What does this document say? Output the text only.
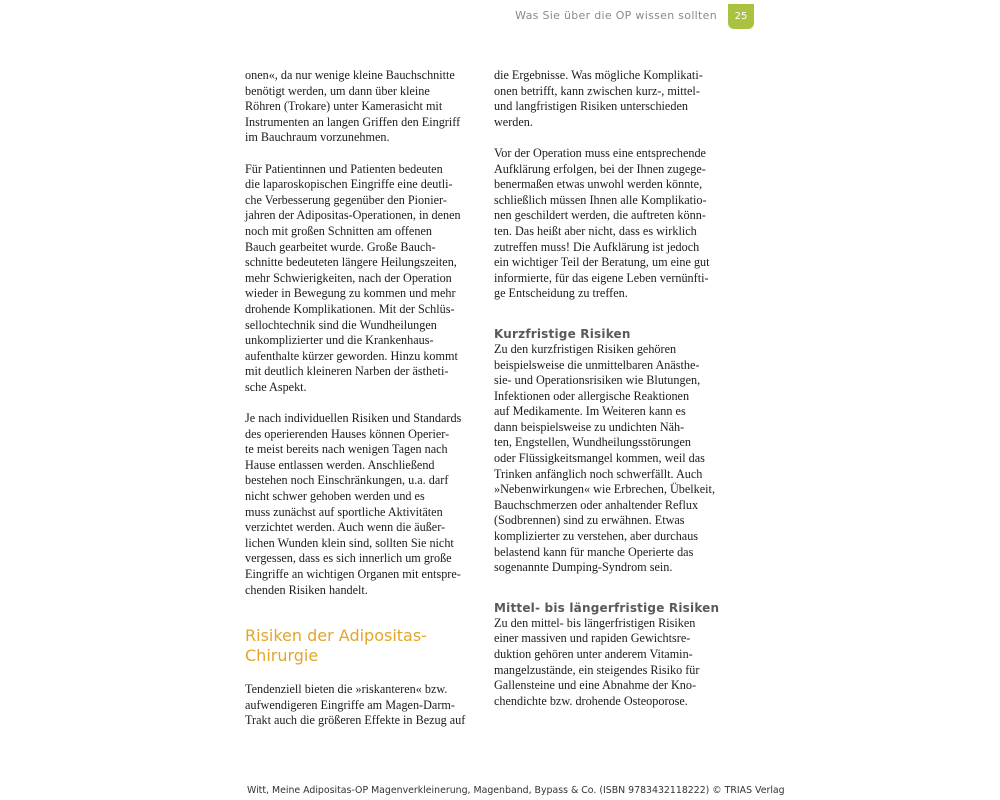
Was Sie über die OP wissen sollten	25

onen«, da nur wenige kleine Bauchschnitte
benötigt werden, um dann über kleine
Röhren (Trokare) unter Kamerasicht mit
Instrumenten an langen Griffen den Eingriff
im Bauchraum vorzunehmen.

Für Patientinnen und Patienten bedeuten
die laparoskopischen Eingriffe eine deutli-
che Verbesserung gegenüber den Pionier-
jahren der Adipositas-Operationen, in denen
noch mit großen Schnitten am offenen
Bauch gearbeitet wurde. Große Bauch-
schnitte bedeuteten längere Heilungszeiten,
mehr Schwierigkeiten, nach der Operation
wieder in Bewegung zu kommen und mehr
drohende Komplikationen. Mit der Schlüs-
sellochtechnik sind die Wundheilungen
unkomplizierter und die Krankenhaus-
aufenthalte kürzer geworden. Hinzu kommt
mit deutlich kleineren Narben der ästheti-
sche Aspekt.

Je nach individuellen Risiken und Standards
des operierenden Hauses können Operier-
te meist bereits nach wenigen Tagen nach
Hause entlassen werden. Anschließend
bestehen noch Einschränkungen, u.a. darf
nicht schwer gehoben werden und es
muss zunächst auf sportliche Aktivitäten
verzichtet werden. Auch wenn die äußer-
lichen Wunden klein sind, sollten Sie nicht
vergessen, dass es sich innerlich um große
Eingriffe an wichtigen Organen mit entspre-
chenden Risiken handelt.

Risiken der Adipositas-
Chirurgie

Tendenziell bieten die »riskanteren« bzw.
aufwendigeren Eingriffe am Magen-Darm-
Trakt auch die größeren Effekte in Bezug auf

die Ergebnisse. Was mögliche Komplikati-
onen betrifft, kann zwischen kurz-, mittel-
und langfristigen Risiken unterschieden
werden.

Vor der Operation muss eine entsprechende
Aufklärung erfolgen, bei der Ihnen zugege-
benermaßen etwas unwohl werden könnte,
schließlich müssen Ihnen alle Komplikatio-
nen geschildert werden, die auftreten könn-
ten. Das heißt aber nicht, dass es wirklich
zutreffen muss! Die Aufklärung ist jedoch
ein wichtiger Teil der Beratung, um eine gut
informierte, für das eigene Leben vernünfti-
ge Entscheidung zu treffen.

Kurzfristige Risiken

Zu den kurzfristigen Risiken gehören
beispielsweise die unmittelbaren Anästhe-
sie- und Operationsrisiken wie Blutungen,
Infektionen oder allergische Reaktionen
auf Medikamente. Im Weiteren kann es
dann beispielsweise zu undichten Näh-
ten, Engstellen, Wundheilungsstörungen
oder Flüssigkeitsmangel kommen, weil das
Trinken anfänglich noch schwerfällt. Auch
»Nebenwirkungen« wie Erbrechen, Übelkeit,
Bauchschmerzen oder anhaltender Reflux
(Sodbrennen) sind zu erwähnen. Etwas
komplizierter zu verstehen, aber durchaus
belastend kann für manche Operierte das
sogenannte Dumping-Syndrom sein.

Mittel- bis längerfristige Risiken

Zu den mittel- bis längerfristigen Risiken
einer massiven und rapiden Gewichtsre-
duktion gehören unter anderem Vitamin-
mangelzustände, ein steigendes Risiko für
Gallensteine und eine Abnahme der Kno-
chendichte bzw. drohende Osteoporose.

Witt, Meine Adipositas-OP Magenverkleinerung, Magenband, Bypass & Co. (ISBN 9783432118222) © TRIAS Verlag
